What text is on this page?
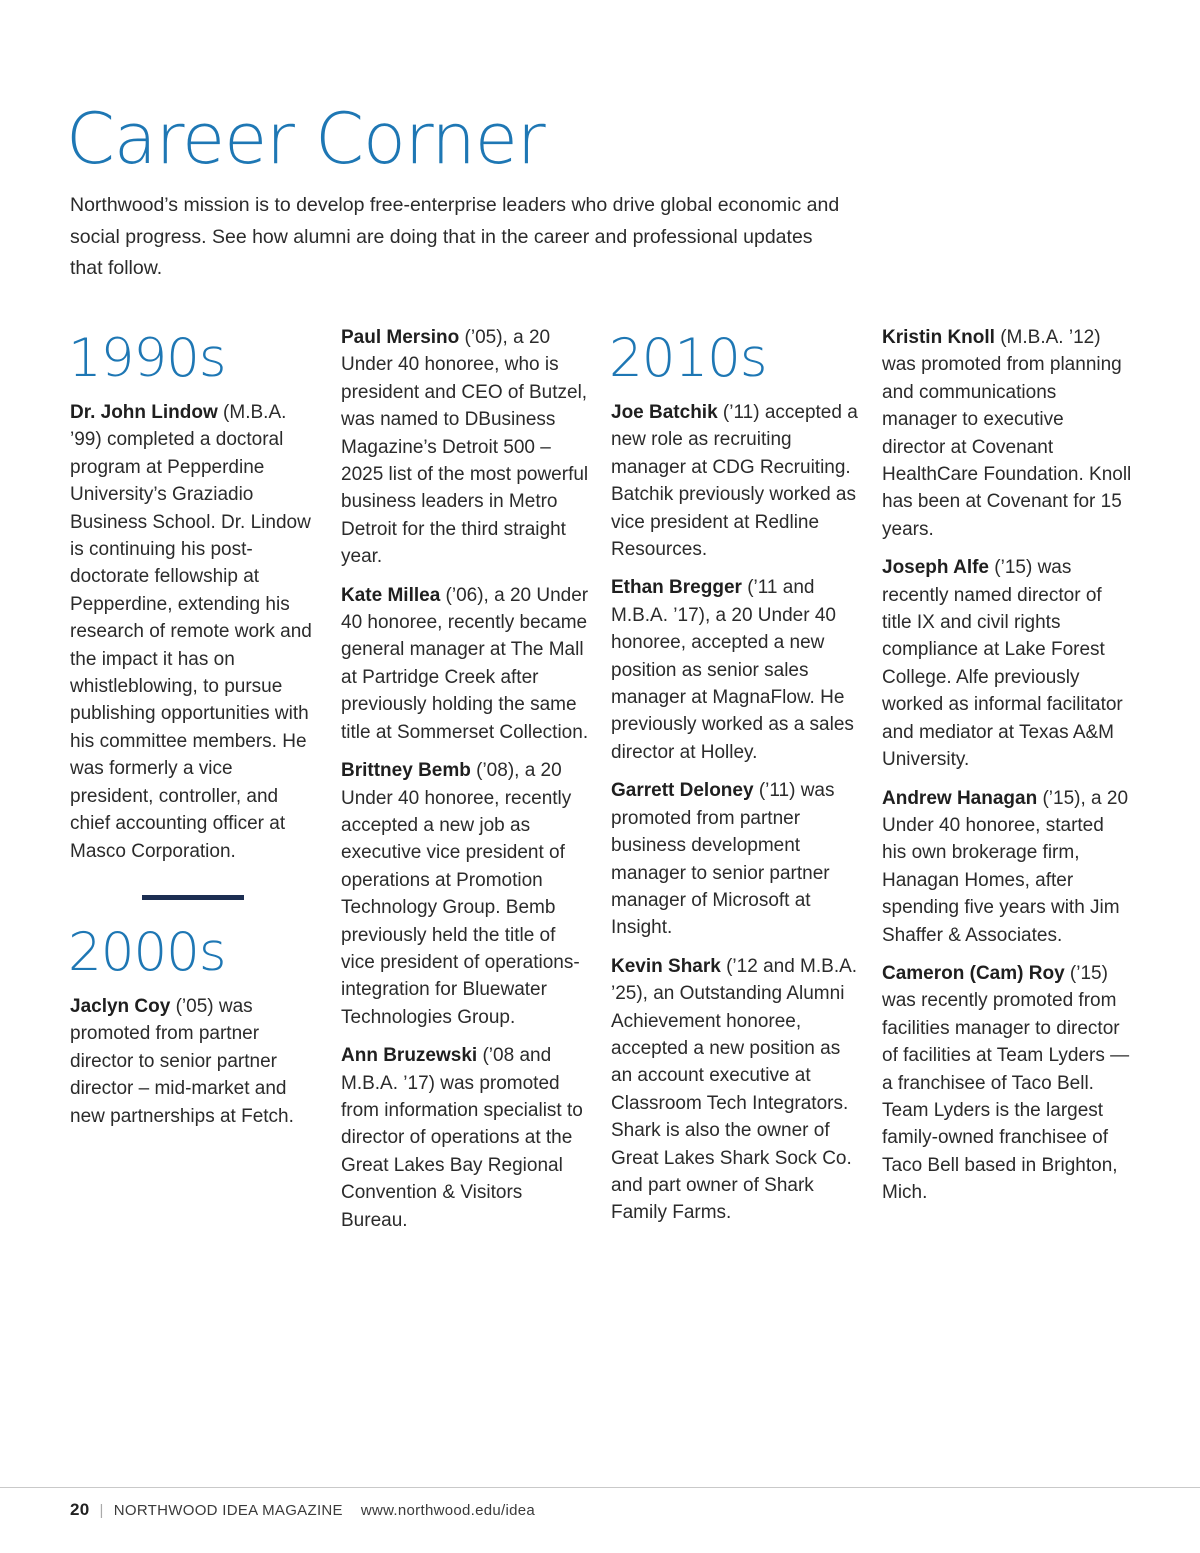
Career Corner

Northwood’s mission is to develop free-enterprise leaders who drive global economic and social progress. See how alumni are doing that in the career and professional updates that follow.

1990s

Dr. John Lindow (M.B.A. ’99) completed a doctoral program at Pepperdine University’s Graziadio Business School. Dr. Lindow is continuing his post-doctorate fellowship at Pepperdine, extending his research of remote work and the impact it has on whistleblowing, to pursue publishing opportunities with his committee members. He was formerly a vice president, controller, and chief accounting officer at Masco Corporation.

2000s

Jaclyn Coy (’05) was promoted from partner director to senior partner director – mid-market and new partnerships at Fetch.

Paul Mersino (’05), a 20 Under 40 honoree, who is president and CEO of Butzel, was named to DBusiness Magazine’s Detroit 500 – 2025 list of the most powerful business leaders in Metro Detroit for the third straight year.

Kate Millea (’06), a 20 Under 40 honoree, recently became general manager at The Mall at Partridge Creek after previously holding the same title at Sommerset Collection.

Brittney Bemb (’08), a 20 Under 40 honoree, recently accepted a new job as executive vice president of operations at Promotion Technology Group. Bemb previously held the title of vice president of operations-integration for Bluewater Technologies Group.

Ann Bruzewski (’08 and M.B.A. ’17) was promoted from information specialist to director of operations at the Great Lakes Bay Regional Convention & Visitors Bureau.

2010s

Joe Batchik (’11) accepted a new role as recruiting manager at CDG Recruiting. Batchik previously worked as vice president at Redline Resources.

Ethan Bregger (’11 and M.B.A. ’17), a 20 Under 40 honoree, accepted a new position as senior sales manager at MagnaFlow. He previously worked as a sales director at Holley.

Garrett Deloney (’11) was promoted from partner business development manager to senior partner manager of Microsoft at Insight.

Kevin Shark (’12 and M.B.A. ’25), an Outstanding Alumni Achievement honoree, accepted a new position as an account executive at Classroom Tech Integrators. Shark is also the owner of Great Lakes Shark Sock Co. and part owner of Shark Family Farms.

Kristin Knoll (M.B.A. ’12) was promoted from planning and communications manager to executive director at Covenant HealthCare Foundation. Knoll has been at Covenant for 15 years.

Joseph Alfe (’15) was recently named director of title IX and civil rights compliance at Lake Forest College. Alfe previously worked as informal facilitator and mediator at Texas A&M University.

Andrew Hanagan (’15), a 20 Under 40 honoree, started his own brokerage firm, Hanagan Homes, after spending five years with Jim Shaffer & Associates.

Cameron (Cam) Roy (’15) was recently promoted from facilities manager to director of facilities at Team Lyders — a franchisee of Taco Bell. Team Lyders is the largest family-owned franchisee of Taco Bell based in Brighton, Mich.

20 | NORTHWOOD IDEA MAGAZINE www.northwood.edu/idea
